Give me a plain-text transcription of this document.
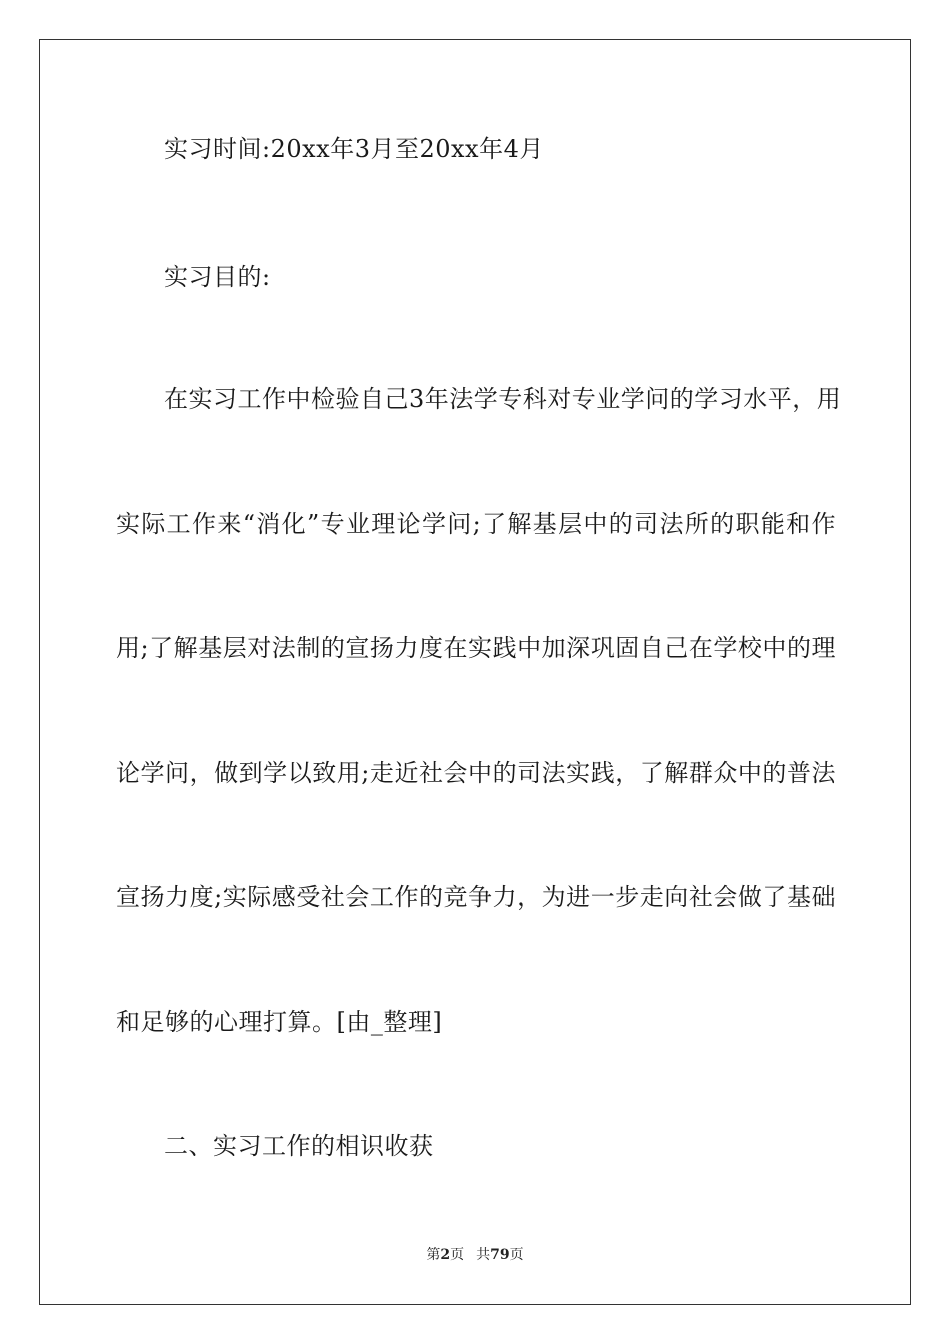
实习时间:20xx年3月至20xx年4月
实习目的:
在实习工作中检验自己3年法学专科对专业学问的学习水平，用
实际工作来“消化”专业理论学问;了解基层中的司法所的职能和作
用;了解基层对法制的宣扬力度在实践中加深巩固自己在学校中的理
论学问，做到学以致用;走近社会中的司法实践，了解群众中的普法
宣扬力度;实际感受社会工作的竞争力，为进一步走向社会做了基础
和足够的心理打算。[由_整理]
二、实习工作的相识收获
第2页 共79页
